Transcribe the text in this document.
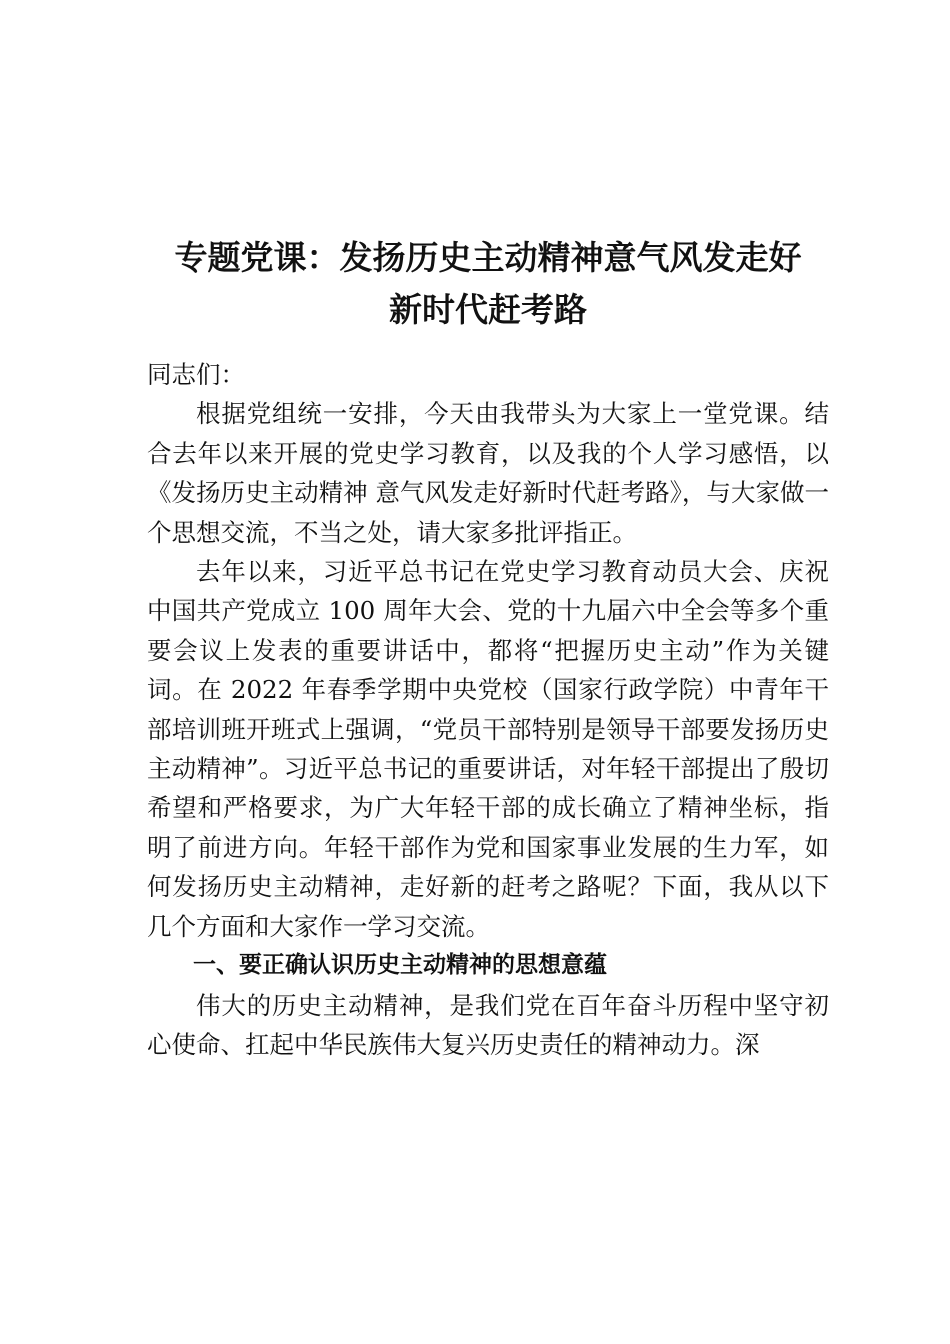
专题党课：发扬历史主动精神意气风发走好
新时代赶考路

同志们：

根据党组统一安排，今天由我带头为大家上一堂党课。结合去年以来开展的党史学习教育，以及我的个人学习感悟，以《发扬历史主动精神 意气风发走好新时代赶考路》，与大家做一个思想交流，不当之处，请大家多批评指正。

去年以来，习近平总书记在党史学习教育动员大会、庆祝中国共产党成立 100 周年大会、党的十九届六中全会等多个重要会议上发表的重要讲话中，都将“把握历史主动”作为关键词。在 2022 年春季学期中央党校（国家行政学院）中青年干部培训班开班式上强调，“党员干部特别是领导干部要发扬历史主动精神”。习近平总书记的重要讲话，对年轻干部提出了殷切希望和严格要求，为广大年轻干部的成长确立了精神坐标，指明了前进方向。年轻干部作为党和国家事业发展的生力军，如何发扬历史主动精神，走好新的赶考之路呢？下面，我从以下几个方面和大家作一学习交流。

一、要正确认识历史主动精神的思想意蕴

伟大的历史主动精神，是我们党在百年奋斗历程中坚守初心使命、扛起中华民族伟大复兴历史责任的精神动力。深
